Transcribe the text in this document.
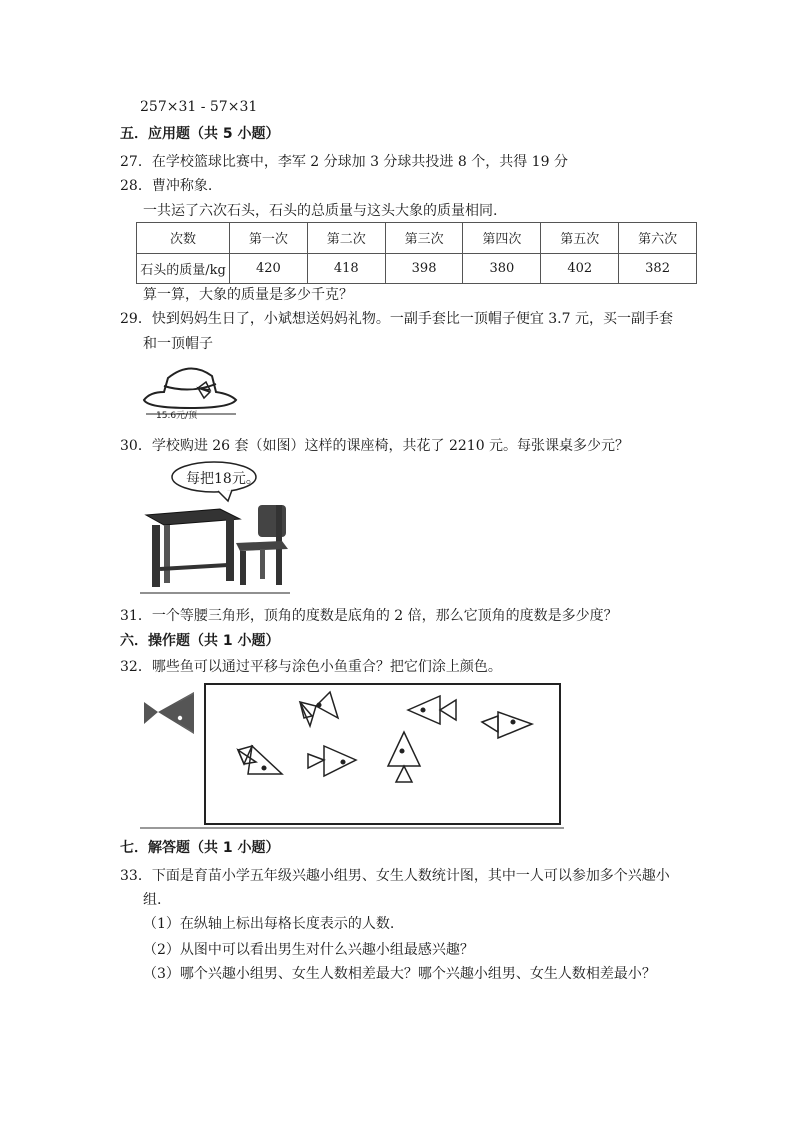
257×31 - 57×31
五．应用题（共 5 小题）
27．在学校篮球比赛中，李军 2 分球加 3 分球共投进 8 个，共得 19 分
28．曹冲称象.
一共运了六次石头，石头的总质量与这头大象的质量相同.
次数	第一次	第二次	第三次	第四次	第五次	第六次
石头的质量/kg	420	418	398	380	402	382
算一算，大象的质量是多少千克？
29．快到妈妈生日了，小斌想送妈妈礼物。一副手套比一顶帽子便宜 3.7 元，买一副手套
和一顶帽子
15.6元/顶
30．学校购进 26 套（如图）这样的课座椅，共花了 2210 元。每张课桌多少元？
每把18元。
31．一个等腰三角形，顶角的度数是底角的 2 倍，那么它顶角的度数是多少度？
六．操作题（共 1 小题）
32．哪些鱼可以通过平移与涂色小鱼重合？把它们涂上颜色。
七．解答题（共 1 小题）
33．下面是育苗小学五年级兴趣小组男、女生人数统计图，其中一人可以参加多个兴趣小
组.
（1）在纵轴上标出每格长度表示的人数.
（2）从图中可以看出男生对什么兴趣小组最感兴趣？
（3）哪个兴趣小组男、女生人数相差最大？哪个兴趣小组男、女生人数相差最小？
